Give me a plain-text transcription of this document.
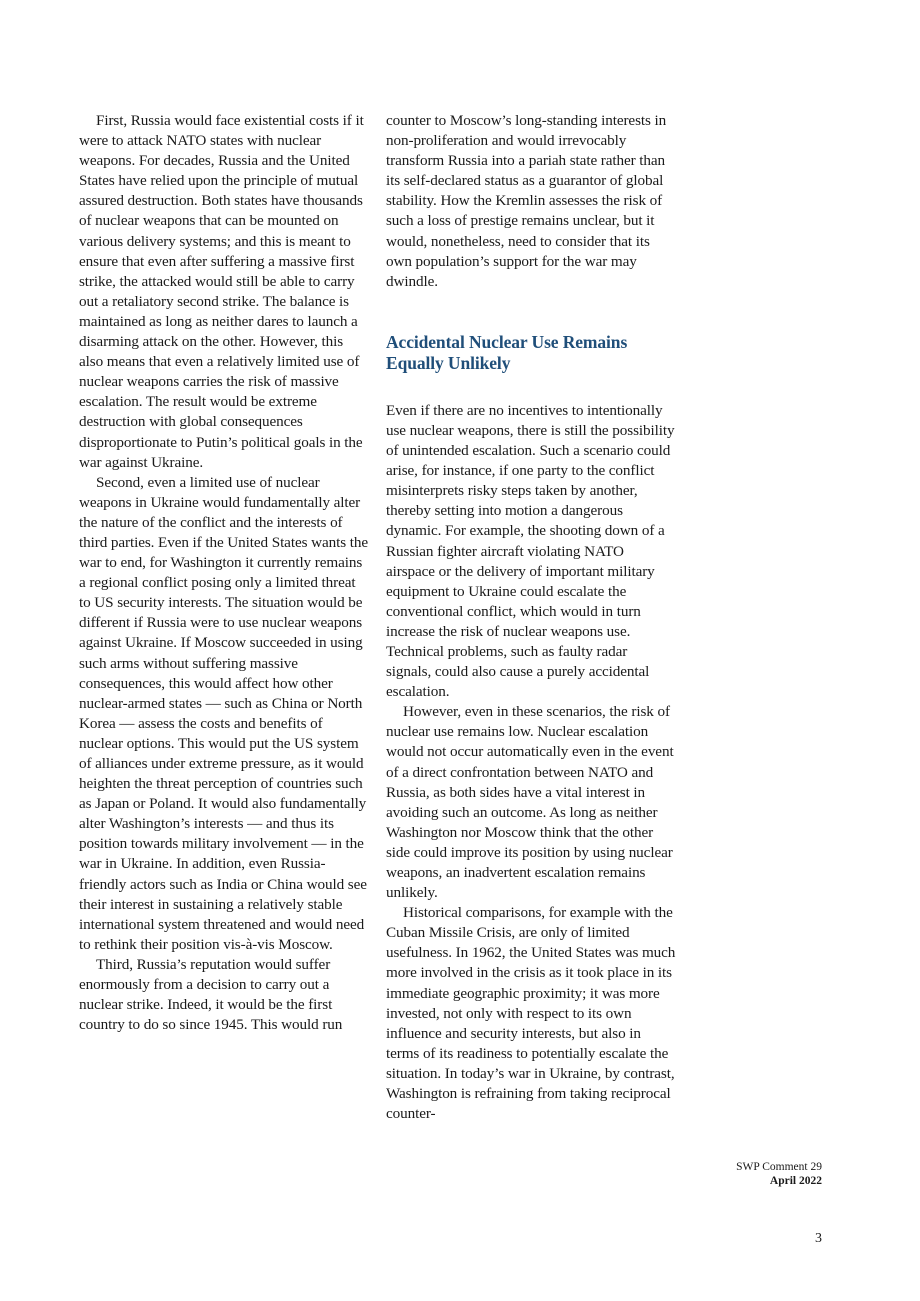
First, Russia would face existential costs if it were to attack NATO states with nuclear weapons. For decades, Russia and the United States have relied upon the principle of mutual assured destruction. Both states have thousands of nuclear weapons that can be mounted on various delivery systems; and this is meant to ensure that even after suffering a massive first strike, the attacked would still be able to carry out a retaliatory second strike. The balance is maintained as long as neither dares to launch a disarming attack on the other. However, this also means that even a relatively limited use of nuclear weapons carries the risk of massive escalation. The result would be extreme destruction with global consequences disproportionate to Putin’s political goals in the war against Ukraine.

Second, even a limited use of nuclear weapons in Ukraine would fundamentally alter the nature of the conflict and the interests of third parties. Even if the United States wants the war to end, for Washington it currently remains a regional conflict posing only a limited threat to US security interests. The situation would be different if Russia were to use nuclear weapons against Ukraine. If Moscow succeeded in using such arms without suffering massive consequences, this would affect how other nuclear-armed states — such as China or North Korea — assess the costs and benefits of nuclear options. This would put the US system of alliances under extreme pressure, as it would heighten the threat perception of countries such as Japan or Poland. It would also fundamentally alter Washington’s interests — and thus its position towards military involvement — in the war in Ukraine. In addition, even Russia-friendly actors such as India or China would see their interest in sustaining a relatively stable international system threatened and would need to rethink their position vis-à-vis Moscow.

Third, Russia’s reputation would suffer enormously from a decision to carry out a nuclear strike. Indeed, it would be the first country to do so since 1945. This would run

counter to Moscow’s long-standing interests in non-proliferation and would irrevocably transform Russia into a pariah state rather than its self-declared status as a guarantor of global stability. How the Kremlin assesses the risk of such a loss of prestige remains unclear, but it would, nonetheless, need to consider that its own population’s support for the war may dwindle.

Accidental Nuclear Use Remains Equally Unlikely

Even if there are no incentives to intentionally use nuclear weapons, there is still the possibility of unintended escalation. Such a scenario could arise, for instance, if one party to the conflict misinterprets risky steps taken by another, thereby setting into motion a dangerous dynamic. For example, the shooting down of a Russian fighter aircraft violating NATO airspace or the delivery of important military equipment to Ukraine could escalate the conventional conflict, which would in turn increase the risk of nuclear weapons use. Technical problems, such as faulty radar signals, could also cause a purely accidental escalation.

However, even in these scenarios, the risk of nuclear use remains low. Nuclear escalation would not occur automatically even in the event of a direct confrontation between NATO and Russia, as both sides have a vital interest in avoiding such an outcome. As long as neither Washington nor Moscow think that the other side could improve its position by using nuclear weapons, an inadvertent escalation remains unlikely.

Historical comparisons, for example with the Cuban Missile Crisis, are only of limited usefulness. In 1962, the United States was much more involved in the crisis as it took place in its immediate geographic proximity; it was more invested, not only with respect to its own influence and security interests, but also in terms of its readiness to potentially escalate the situation. In today’s war in Ukraine, by contrast, Washington is refraining from taking reciprocal counter-

SWP Comment 29
April 2022
3
